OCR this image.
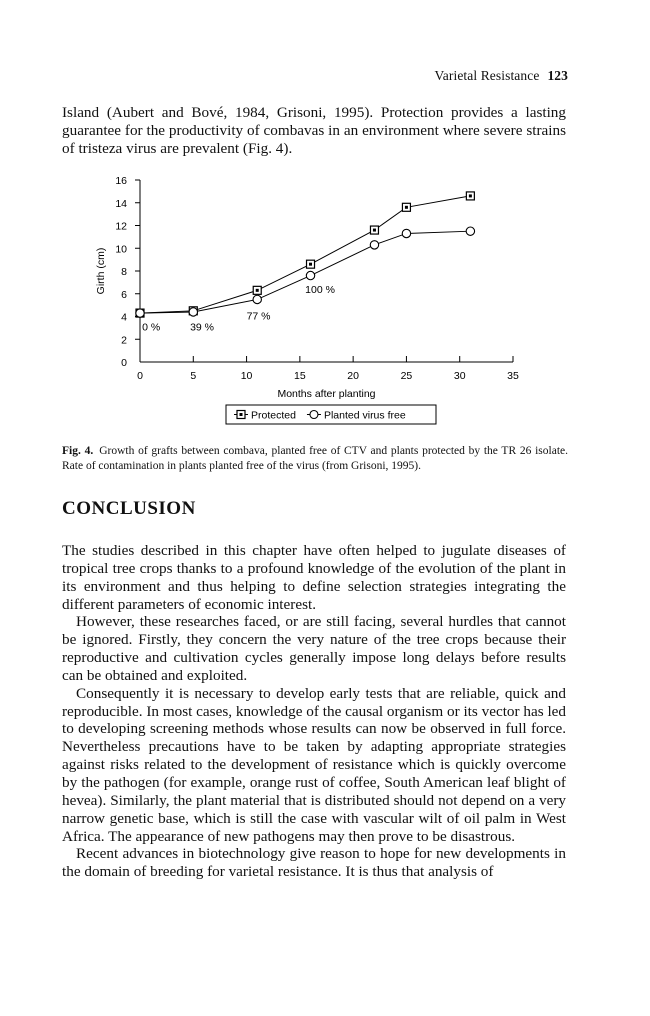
Varietal Resistance 123
Island (Aubert and Bové, 1984, Grisoni, 1995). Protection provides a lasting guarantee for the productivity of combavas in an environment where severe strains of tristeza virus are prevalent (Fig. 4).
0
2
4
6
8
10
12
14
16
0	5	10	15	20	25	30	35
Months after planting
Girth (cm)
0 %	39 %
77 %
100 %
Protected	Planted virus free
Fig. 4. Growth of grafts between combava, planted free of CTV and plants protected by the TR 26 isolate. Rate of contamination in plants planted free of the virus (from Grisoni, 1995).
CONCLUSION

The studies described in this chapter have often helped to jugulate diseases of tropical tree crops thanks to a profound knowledge of the evolution of the plant in its environment and thus helping to define selection strategies integrating the different parameters of economic interest.

However, these researches faced, or are still facing, several hurdles that cannot be ignored. Firstly, they concern the very nature of the tree crops because their reproductive and cultivation cycles generally impose long delays before results can be obtained and exploited.

Consequently it is necessary to develop early tests that are reliable, quick and reproducible. In most cases, knowledge of the causal organism or its vector has led to developing screening methods whose results can now be observed in full force. Nevertheless precautions have to be taken by adapting appropriate strategies against risks related to the development of resistance which is quickly overcome by the pathogen (for example, orange rust of coffee, South American leaf blight of hevea). Similarly, the plant material that is distributed should not depend on a very narrow genetic base, which is still the case with vascular wilt of oil palm in West Africa. The appearance of new pathogens may then prove to be disastrous.

Recent advances in biotechnology give reason to hope for new developments in the domain of breeding for varietal resistance. It is thus that analysis of
